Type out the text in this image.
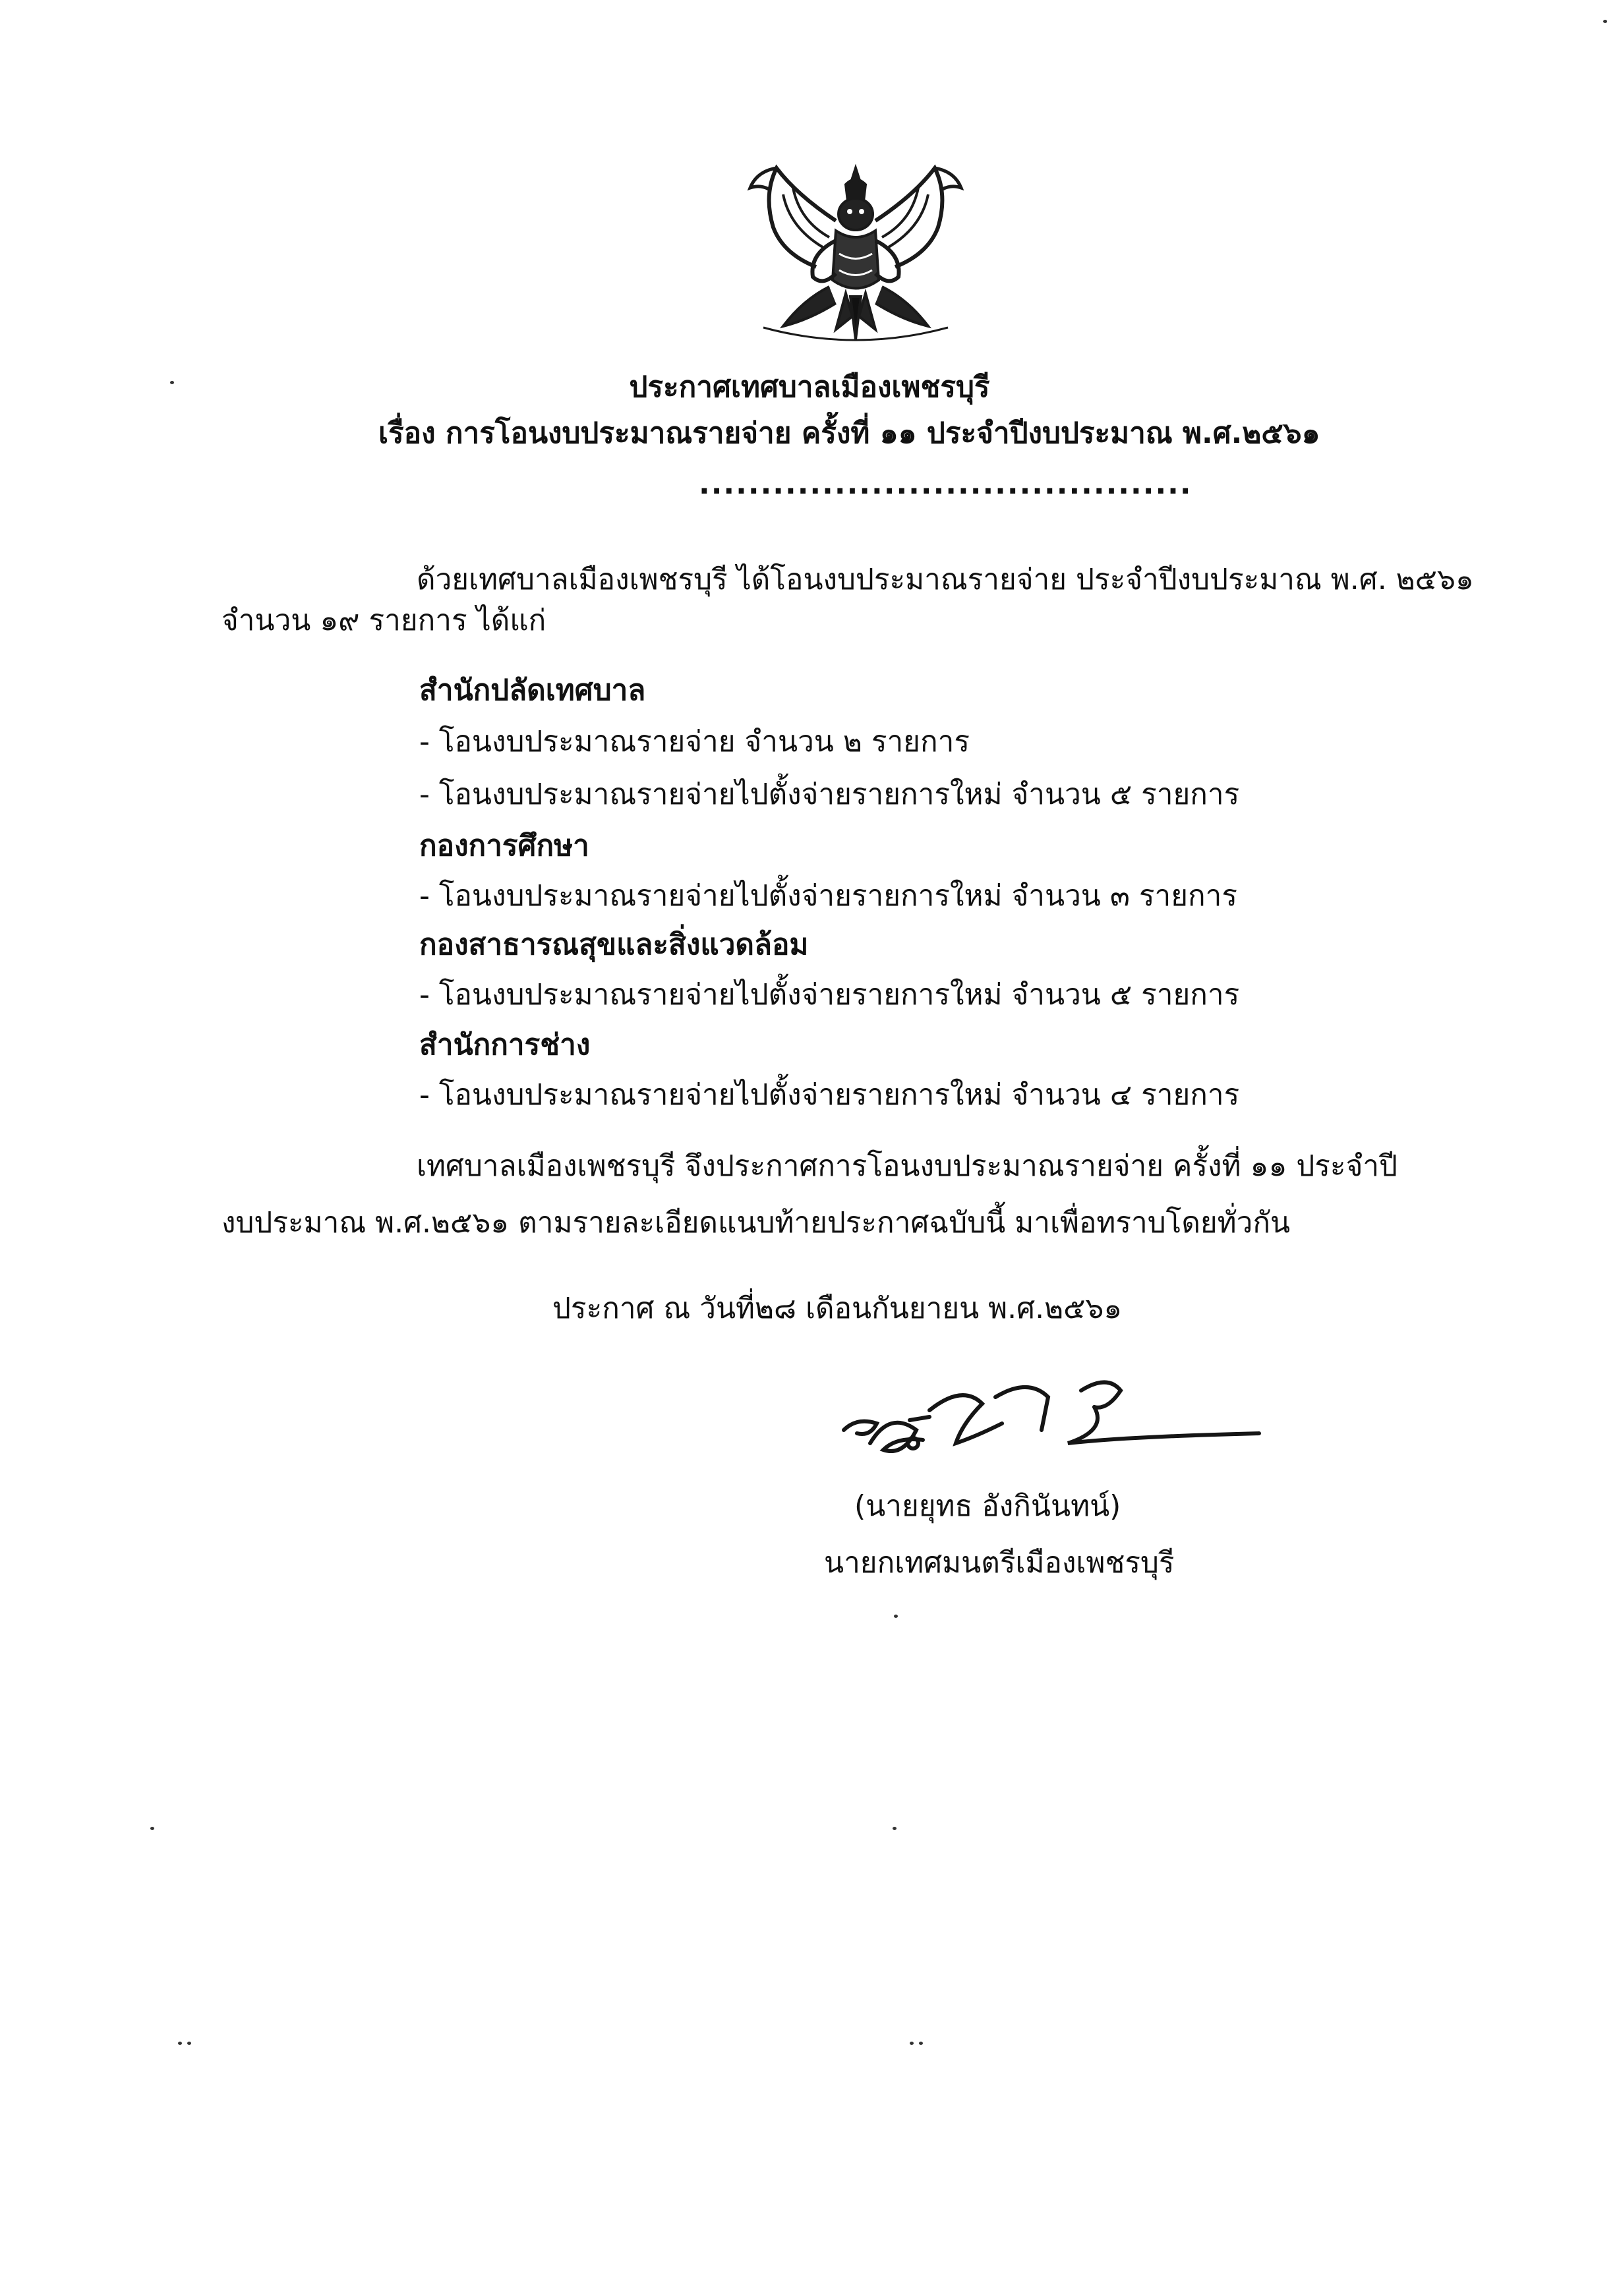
ประกาศเทศบาลเมืองเพชรบุรี
เรื่อง การโอนงบประมาณรายจ่าย ครั้งที่ ๑๑ ประจำปีงบประมาณ พ.ศ.๒๕๖๑
........................................
ด้วยเทศบาลเมืองเพชรบุรี ได้โอนงบประมาณรายจ่าย ประจำปีงบประมาณ พ.ศ. ๒๕๖๑
จำนวน ๑๙ รายการ ได้แก่
สำนักปลัดเทศบาล
- โอนงบประมาณรายจ่าย จำนวน ๒ รายการ
- โอนงบประมาณรายจ่ายไปตั้งจ่ายรายการใหม่ จำนวน ๕ รายการ
กองการศึกษา
- โอนงบประมาณรายจ่ายไปตั้งจ่ายรายการใหม่ จำนวน ๓ รายการ
กองสาธารณสุขและสิ่งแวดล้อม
- โอนงบประมาณรายจ่ายไปตั้งจ่ายรายการใหม่ จำนวน ๕ รายการ
สำนักการช่าง
- โอนงบประมาณรายจ่ายไปตั้งจ่ายรายการใหม่ จำนวน ๔ รายการ
เทศบาลเมืองเพชรบุรี จึงประกาศการโอนงบประมาณรายจ่าย ครั้งที่ ๑๑ ประจำปี
งบประมาณ พ.ศ.๒๕๖๑ ตามรายละเอียดแนบท้ายประกาศฉบับนี้ มาเพื่อทราบโดยทั่วกัน
ประกาศ ณ วันที่๒๘ เดือนกันยายน พ.ศ.๒๕๖๑
(นายยุทธ อังกินันทน์)
นายกเทศมนตรีเมืองเพชรบุรี
